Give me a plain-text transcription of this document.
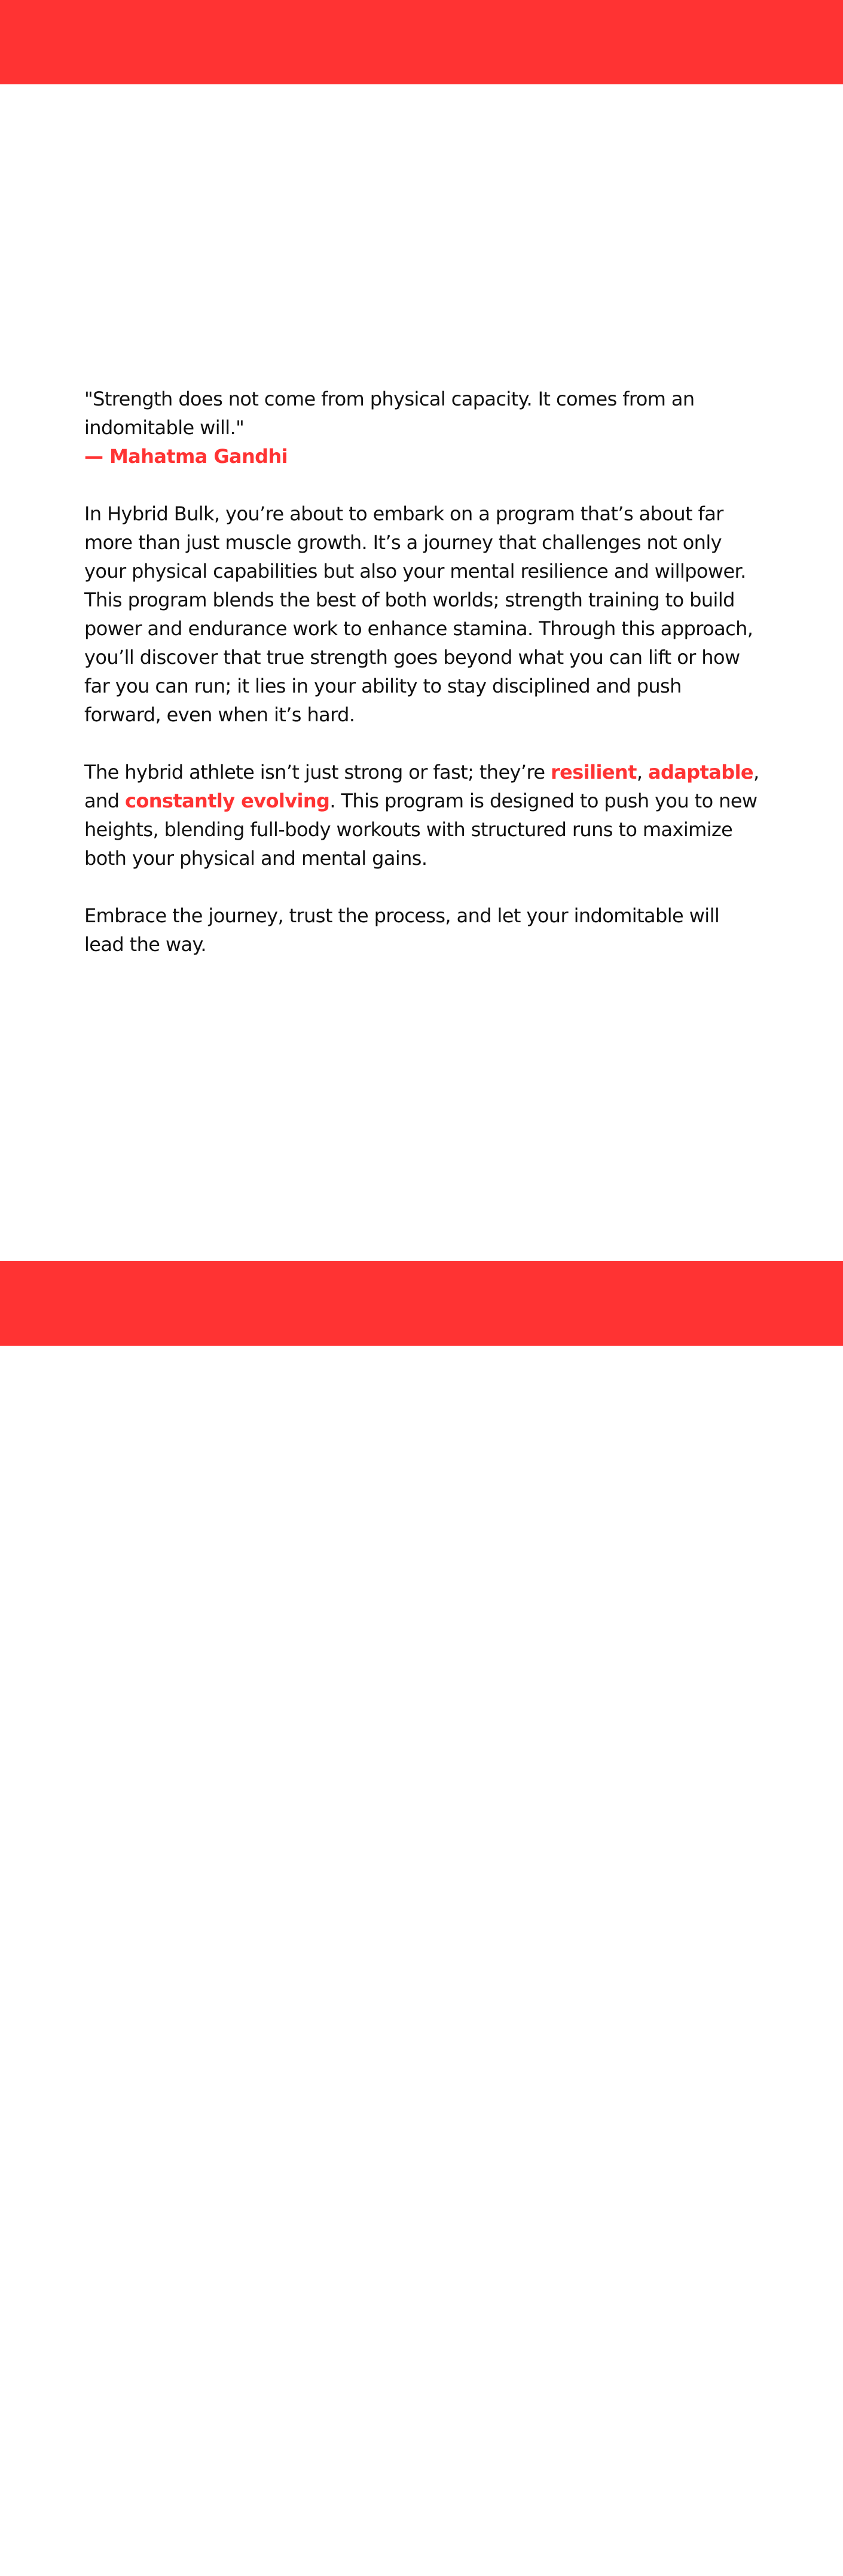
"Strength does not come from physical capacity. It comes from an indomitable will."
— Mahatma Gandhi

In Hybrid Bulk, you’re about to embark on a program that’s about far more than just muscle growth. It’s a journey that challenges not only your physical capabilities but also your mental resilience and willpower. This program blends the best of both worlds; strength training to build power and endurance work to enhance stamina. Through this approach, you’ll discover that true strength goes beyond what you can lift or how far you can run; it lies in your ability to stay disciplined and push forward, even when it’s hard.

The hybrid athlete isn’t just strong or fast; they’re resilient, adaptable, and constantly evolving. This program is designed to push you to new heights, blending full-body workouts with structured runs to maximize both your physical and mental gains.

Embrace the journey, trust the process, and let your indomitable will lead the way.
